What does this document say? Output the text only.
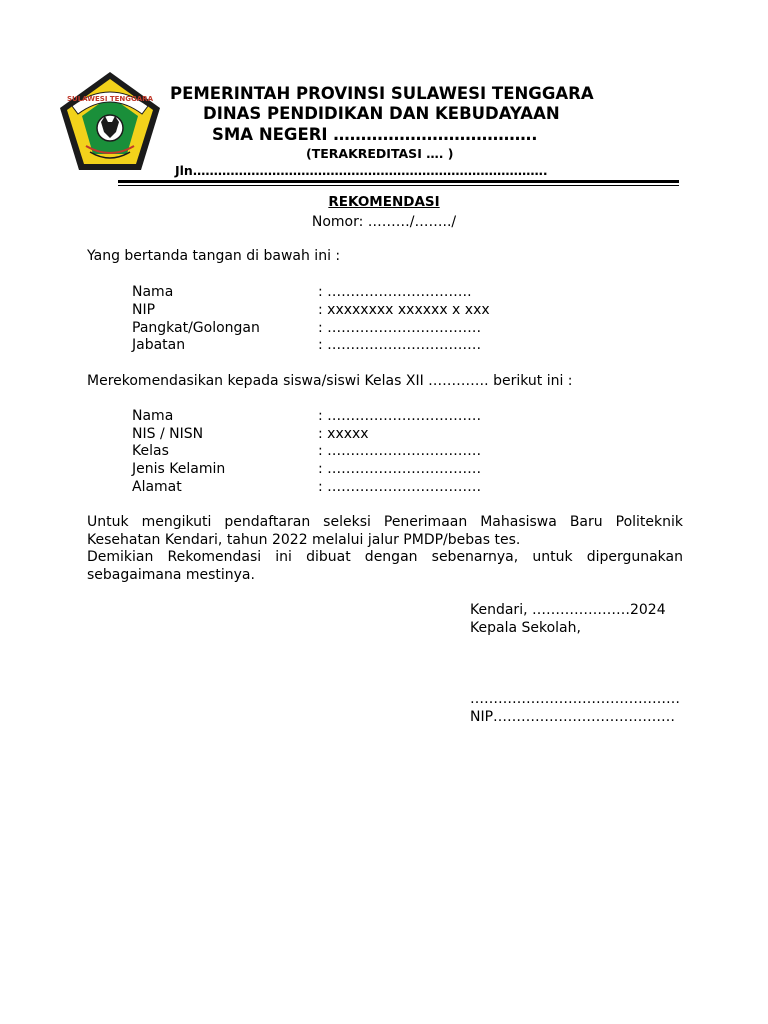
SULAWESI TENGGARA PEMERINTAH PROVINSI SULAWESI TENGGARA
DINAS PENDIDIKAN DAN KEBUDAYAAN
SMA NEGERI ……………………………….
(TERAKREDITASI …. )
Jln………………………………………………………………………….
REKOMENDASI
Nomor: ………/……../
Yang bertanda tangan di bawah ini :
Nama	: ………………………….
NIP	: xxxxxxxx xxxxxx x xxx
Pangkat/Golongan	: ……………………………
Jabatan	: ……………………………
Merekomendasikan kepada siswa/siswi Kelas XII …………. berikut ini :
Nama	: ……………………………
NIS / NISN	: xxxxx
Kelas	: ……………………………
Jenis Kelamin	: ……………………………
Alamat	: ……………………………
Untuk mengikuti pendaftaran seleksi Penerimaan Mahasiswa Baru Politeknik Kesehatan Kendari, tahun 2022 melalui jalur PMDP/bebas tes.
Demikian Rekomendasi ini dibuat dengan sebenarnya, untuk dipergunakan sebagaimana mestinya.
Kendari, …………………2024
Kepala Sekolah,
………………………………………
NIP…………………………………
